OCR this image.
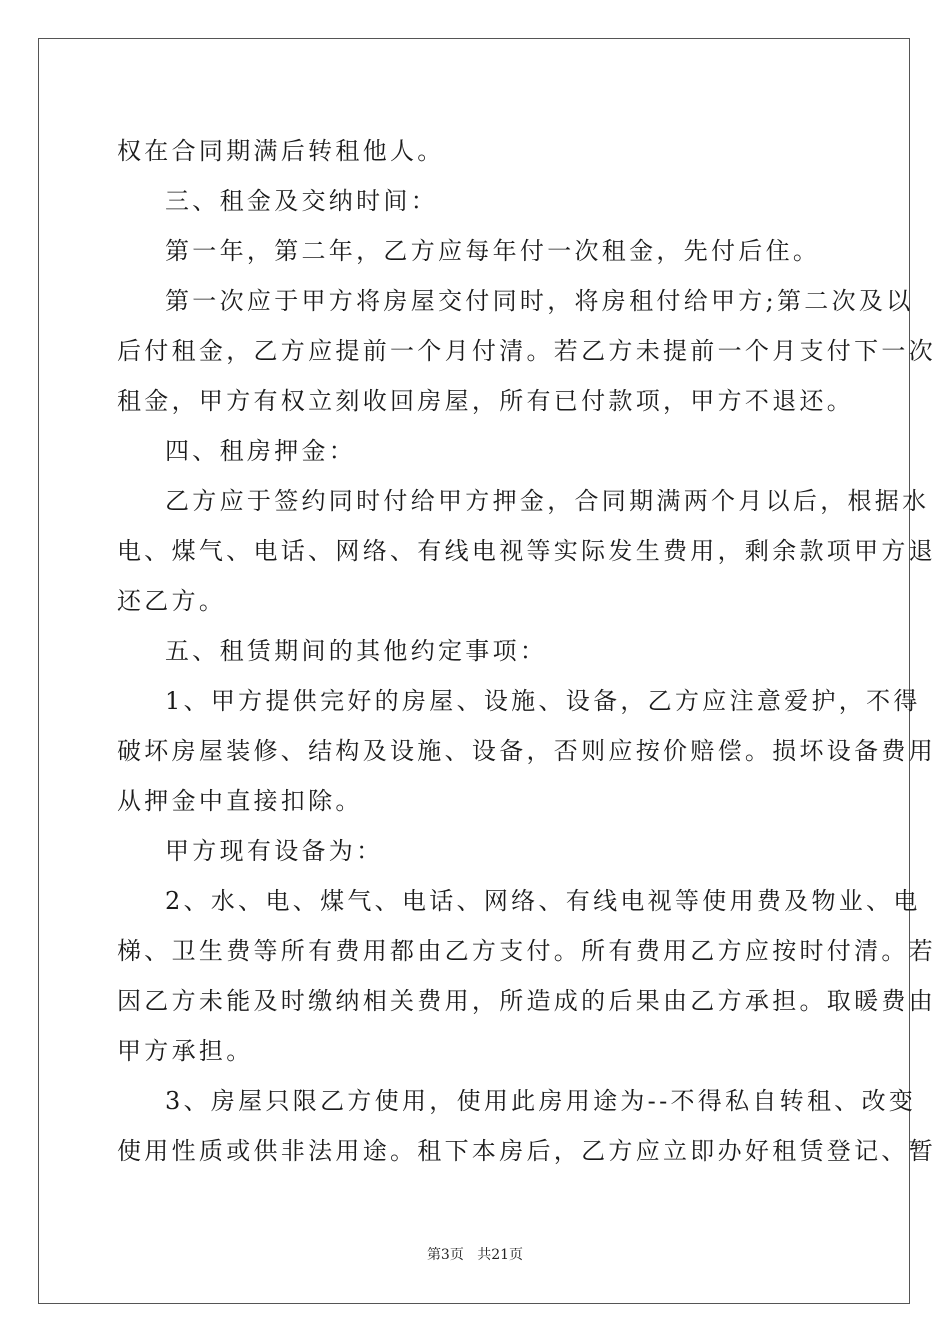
权在合同期满后转租他人。
三、租金及交纳时间：
第一年，第二年，乙方应每年付一次租金，先付后住。
第一次应于甲方将房屋交付同时，将房租付给甲方;第二次及以
后付租金，乙方应提前一个月付清。若乙方未提前一个月支付下一次
租金，甲方有权立刻收回房屋，所有已付款项，甲方不退还。
四、租房押金：
乙方应于签约同时付给甲方押金，合同期满两个月以后，根据水
电、煤气、电话、网络、有线电视等实际发生费用，剩余款项甲方退
还乙方。
五、租赁期间的其他约定事项：
1、甲方提供完好的房屋、设施、设备，乙方应注意爱护，不得
破坏房屋装修、结构及设施、设备，否则应按价赔偿。损坏设备费用
从押金中直接扣除。
甲方现有设备为：
2、水、电、煤气、电话、网络、有线电视等使用费及物业、电
梯、卫生费等所有费用都由乙方支付。所有费用乙方应按时付清。若
因乙方未能及时缴纳相关费用，所造成的后果由乙方承担。取暖费由
甲方承担。
3、房屋只限乙方使用，使用此房用途为--不得私自转租、改变
使用性质或供非法用途。租下本房后，乙方应立即办好租赁登记、暂
第3页 共21页
